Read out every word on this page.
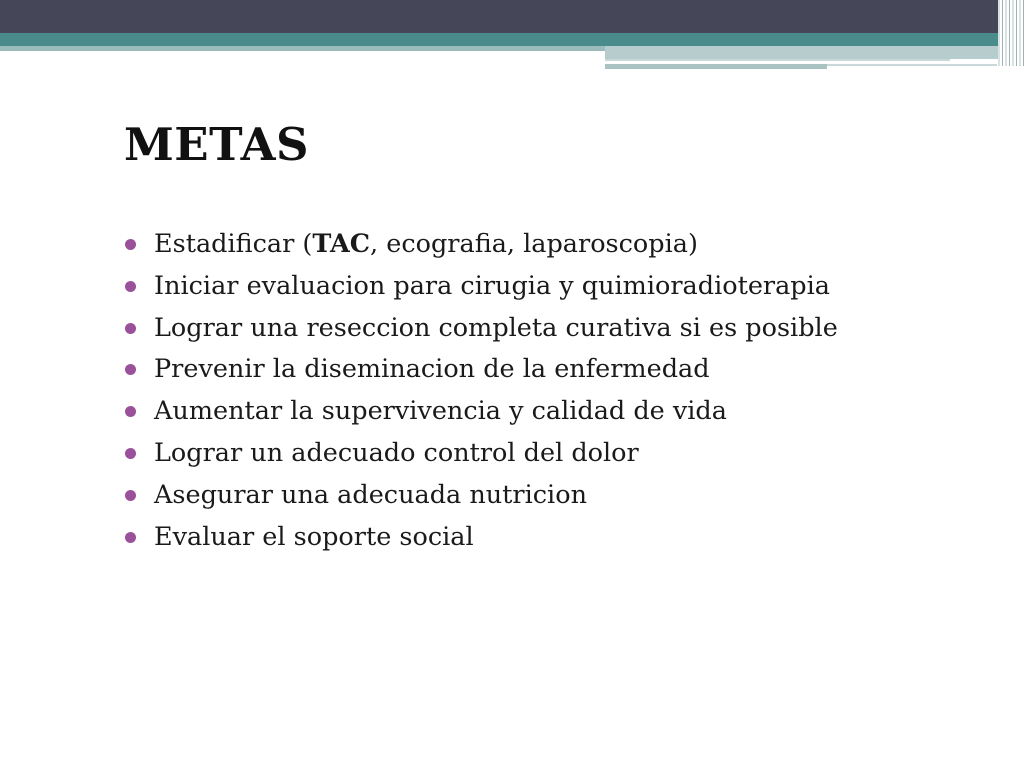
METAS
Estadificar (TAC, ecografia, laparoscopia)
Iniciar evaluacion para cirugia y quimioradioterapia
Lograr una reseccion completa curativa si es posible
Prevenir la diseminacion de la enfermedad
Aumentar la supervivencia y calidad de vida
Lograr un adecuado control del dolor
Asegurar una adecuada nutricion
Evaluar el soporte social
